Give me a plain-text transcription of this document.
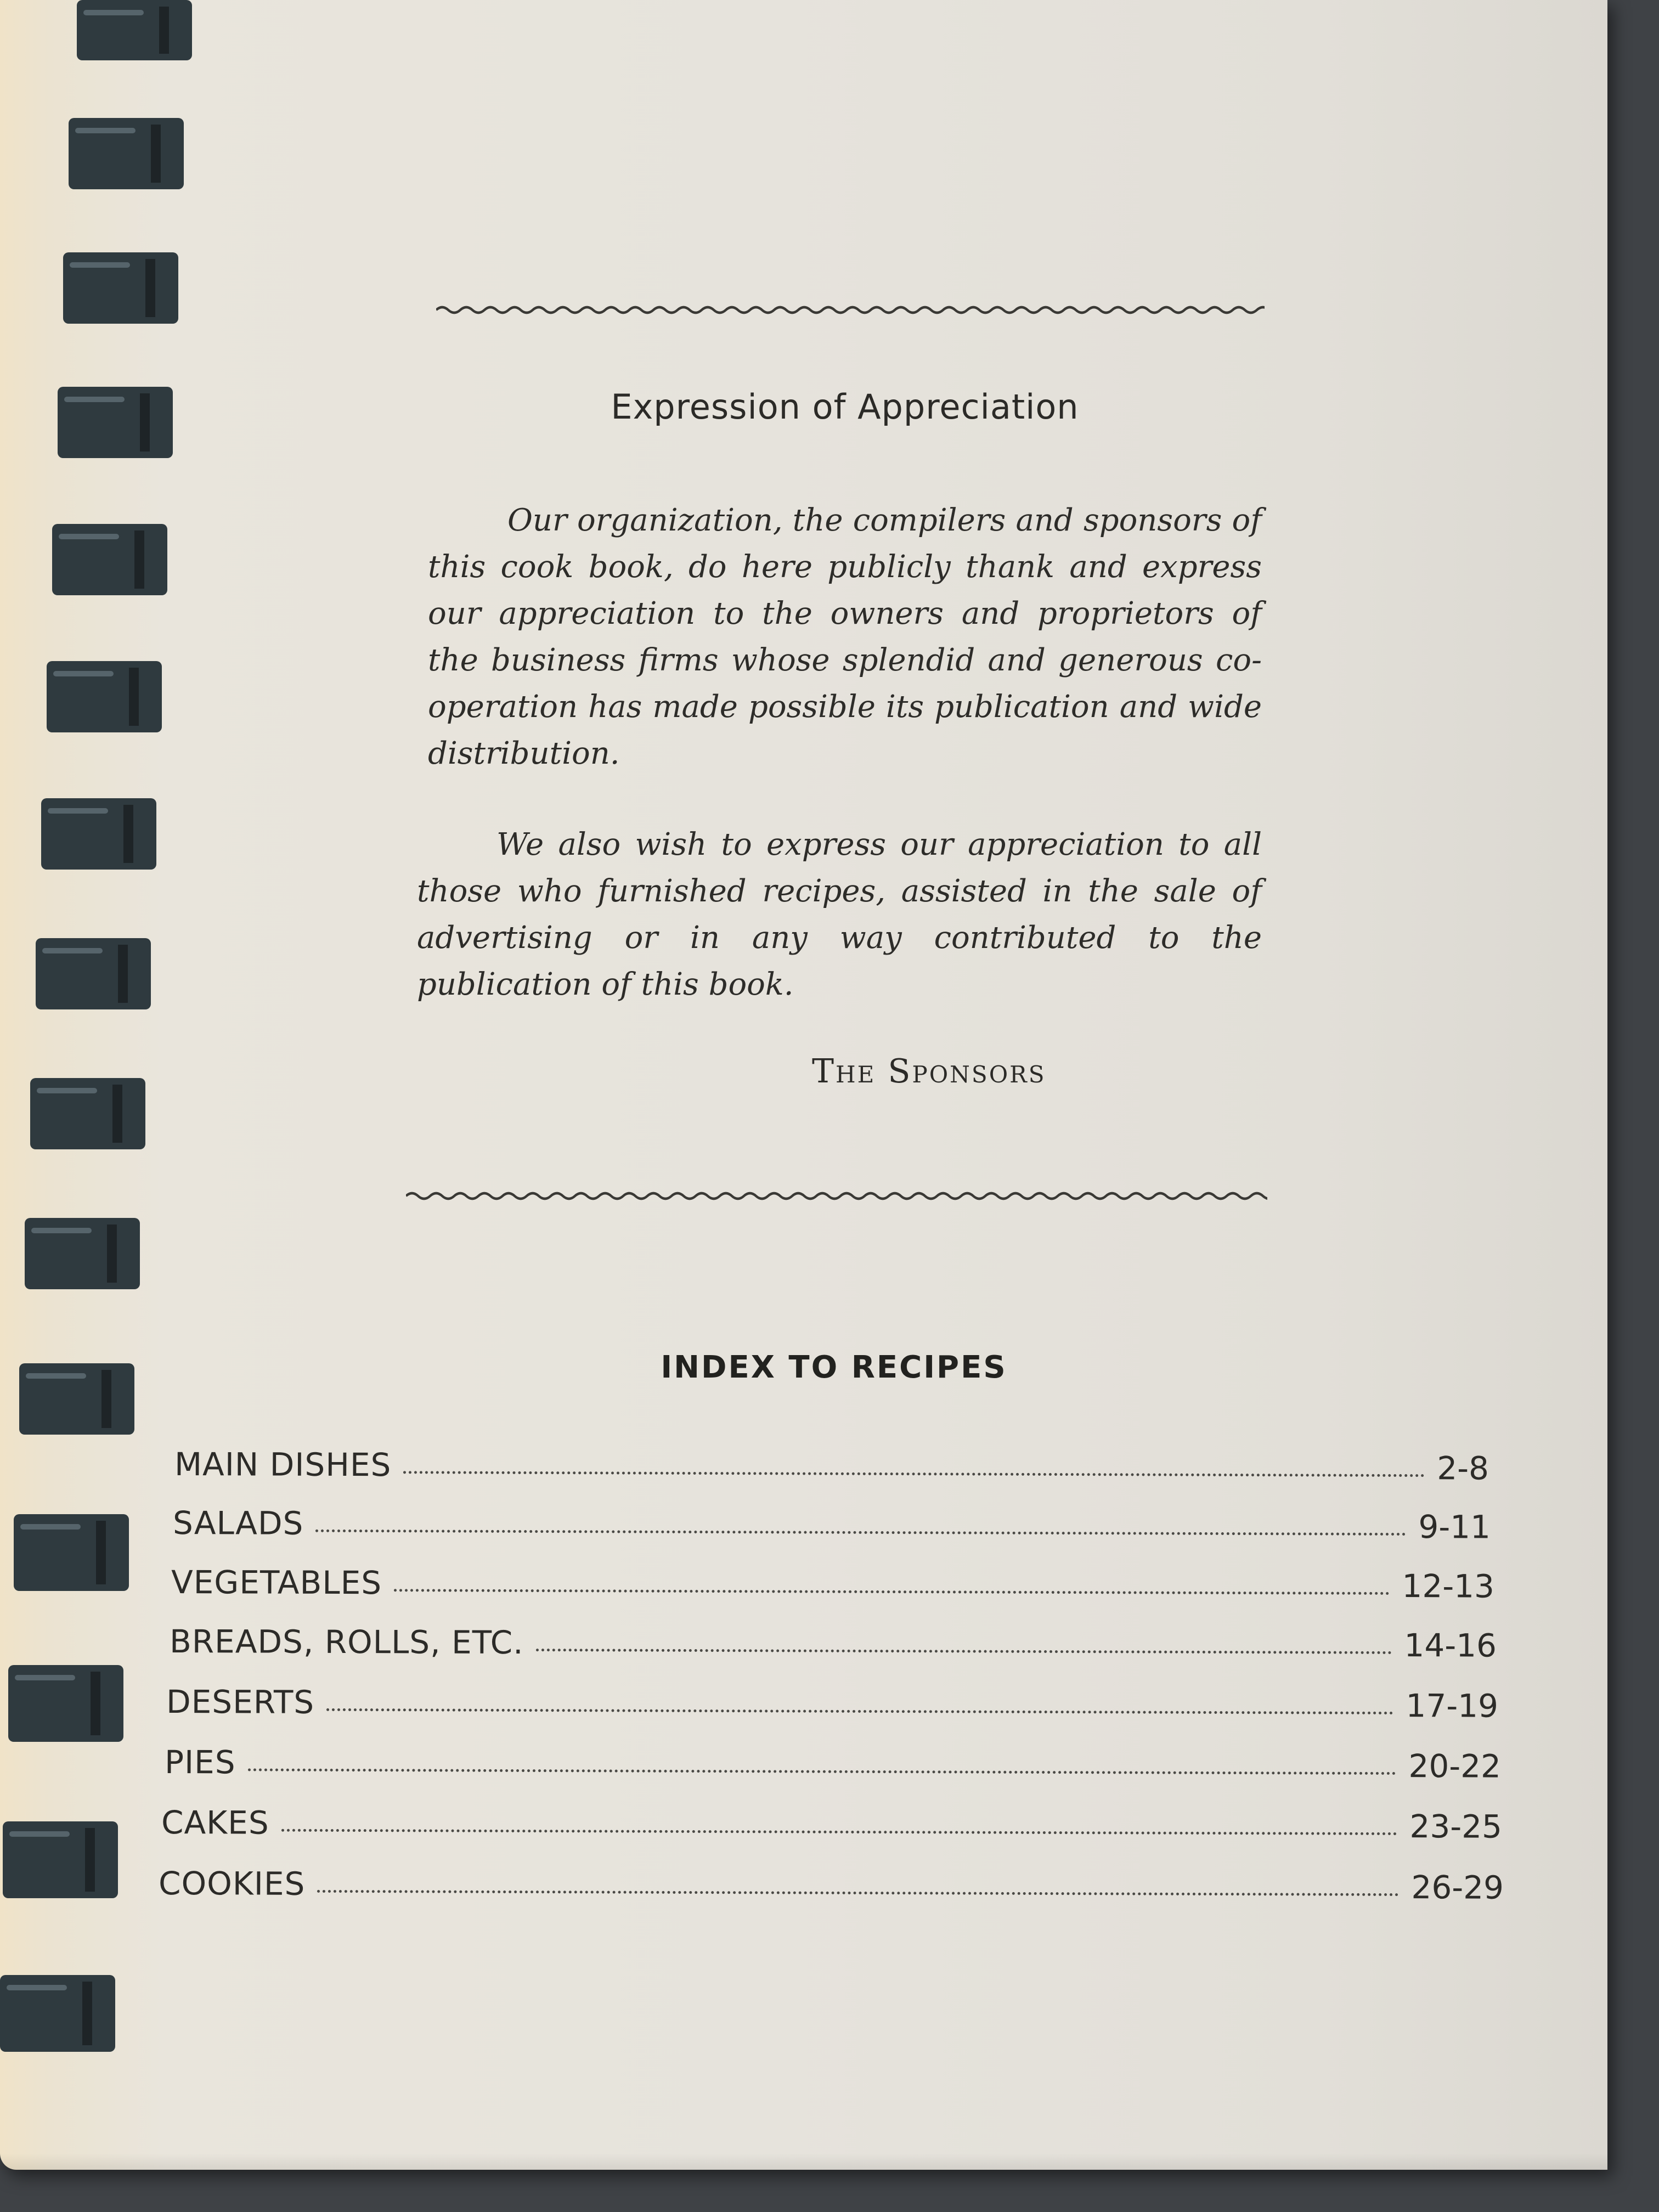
Expression of Appreciation

Our organization, the compilers and sponsors of this cook book, do here publicly thank and express our appreciation to the owners and proprietors of the business firms whose splendid and generous co-operation has made possible its publication and wide distribution.

We also wish to express our appreciation to all those who furnished recipes, assisted in the sale of advertising or in any way contributed to the publication of this book.

The Sponsors

INDEX TO RECIPES
MAIN DISHES	2-8
SALADS	9-11
VEGETABLES	12-13
BREADS, ROLLS, ETC.	14-16
DESERTS	17-19
PIES	20-22
CAKES	23-25
COOKIES	26-29
